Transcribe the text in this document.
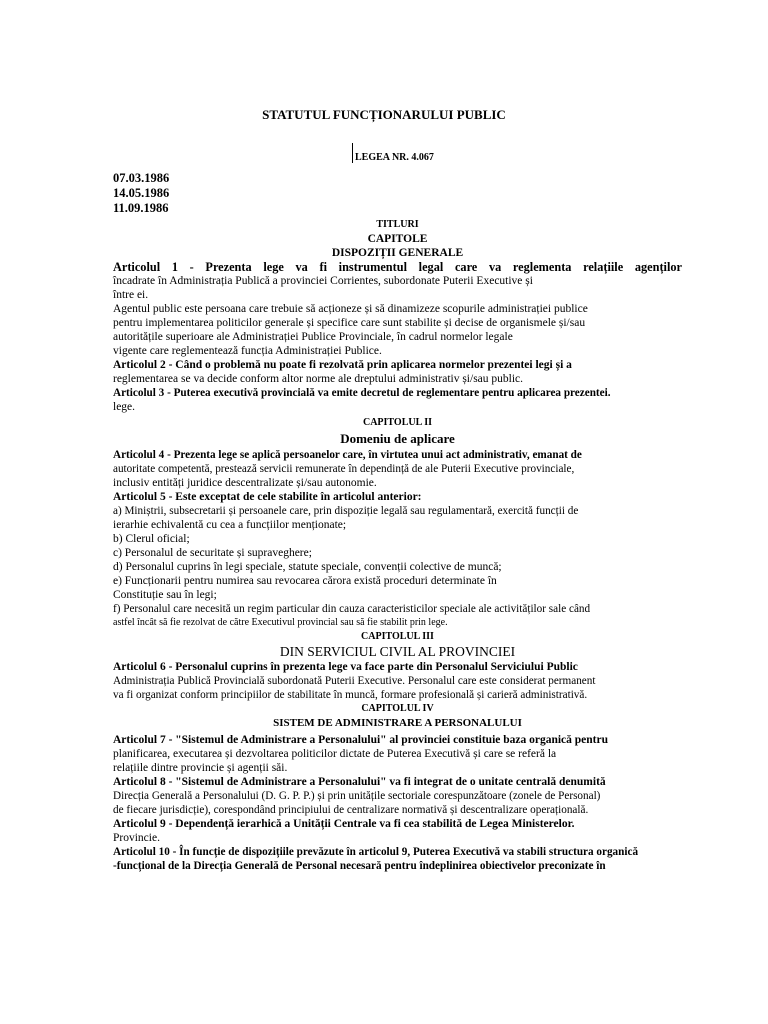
STATUTUL FUNCȚIONARULUI PUBLIC
LEGEA NR. 4.067
07.03.1986
14.05.1986
11.09.1986
TITLURI
CAPITOLE
DISPOZIȚII GENERALE
Articolul 1 - Prezenta lege va fi instrumentul legal care va reglementa relațiile agenților
încadrate în Administrația Publică a provinciei Corrientes, subordonate Puterii Executive și
între ei.
Agentul public este persoana care trebuie să acționeze și să dinamizeze scopurile administrației publice
pentru implementarea politicilor generale și specifice care sunt stabilite și decise de organismele și/sau
autoritățile superioare ale Administrației Publice Provinciale, în cadrul normelor legale
vigente care reglementează funcția Administrației Publice.
Articolul 2 - Când o problemă nu poate fi rezolvată prin aplicarea normelor prezentei legi și a
reglementarea se va decide conform altor norme ale dreptului administrativ și/sau public.
Articolul 3 - Puterea executivă provincială va emite decretul de reglementare pentru aplicarea prezentei.
lege.
CAPITOLUL II
Domeniu de aplicare
Articolul 4 - Prezenta lege se aplică persoanelor care, în virtutea unui act administrativ, emanat de
autoritate competentă, prestează servicii remunerate în dependință de ale Puterii Executive provinciale,
inclusiv entități juridice descentralizate și/sau autonomie.
Articolul 5 - Este exceptat de cele stabilite în articolul anterior:
a) Miniștrii, subsecretarii și persoanele care, prin dispoziție legală sau regulamentară, exercită funcții de
ierarhie echivalentă cu cea a funcțiilor menționate;
b) Clerul oficial;
c) Personalul de securitate și supraveghere;
d) Personalul cuprins în legi speciale, statute speciale, convenții colective de muncă;
e) Funcționarii pentru numirea sau revocarea cărora există proceduri determinate în
Constituție sau în legi;
f) Personalul care necesită un regim particular din cauza caracteristicilor speciale ale activităților sale când
astfel încât să fie rezolvat de către Executivul provincial sau să fie stabilit prin lege.
CAPITOLUL III
DIN SERVICIUL CIVIL AL PROVINCIEI
Articolul 6 - Personalul cuprins în prezenta lege va face parte din Personalul Serviciului Public
Administrația Publică Provincială subordonată Puterii Executive. Personalul care este considerat permanent
va fi organizat conform principiilor de stabilitate în muncă, formare profesională și carieră administrativă.
CAPITOLUL IV
SISTEM DE ADMINISTRARE A PERSONALULUI
Articolul 7 - "Sistemul de Administrare a Personalului" al provinciei constituie baza organică pentru
planificarea, executarea și dezvoltarea politicilor dictate de Puterea Executivă și care se referă la
relațiile dintre provincie și agenții săi.
Articolul 8 - "Sistemul de Administrare a Personalului" va fi integrat de o unitate centrală denumită
Direcția Generală a Personalului (D. G. P. P.) și prin unitățile sectoriale corespunzătoare (zonele de Personal)
de fiecare jurisdicție), corespondând principiului de centralizare normativă și descentralizare operațională.
Articolul 9 - Dependență ierarhică a Unității Centrale va fi cea stabilită de Legea Ministerelor.
Provincie.
Articolul 10 - În funcție de dispozițiile prevăzute în articolul 9, Puterea Executivă va stabili structura organică
-funcțional de la Direcția Generală de Personal necesară pentru îndeplinirea obiectivelor preconizate în
